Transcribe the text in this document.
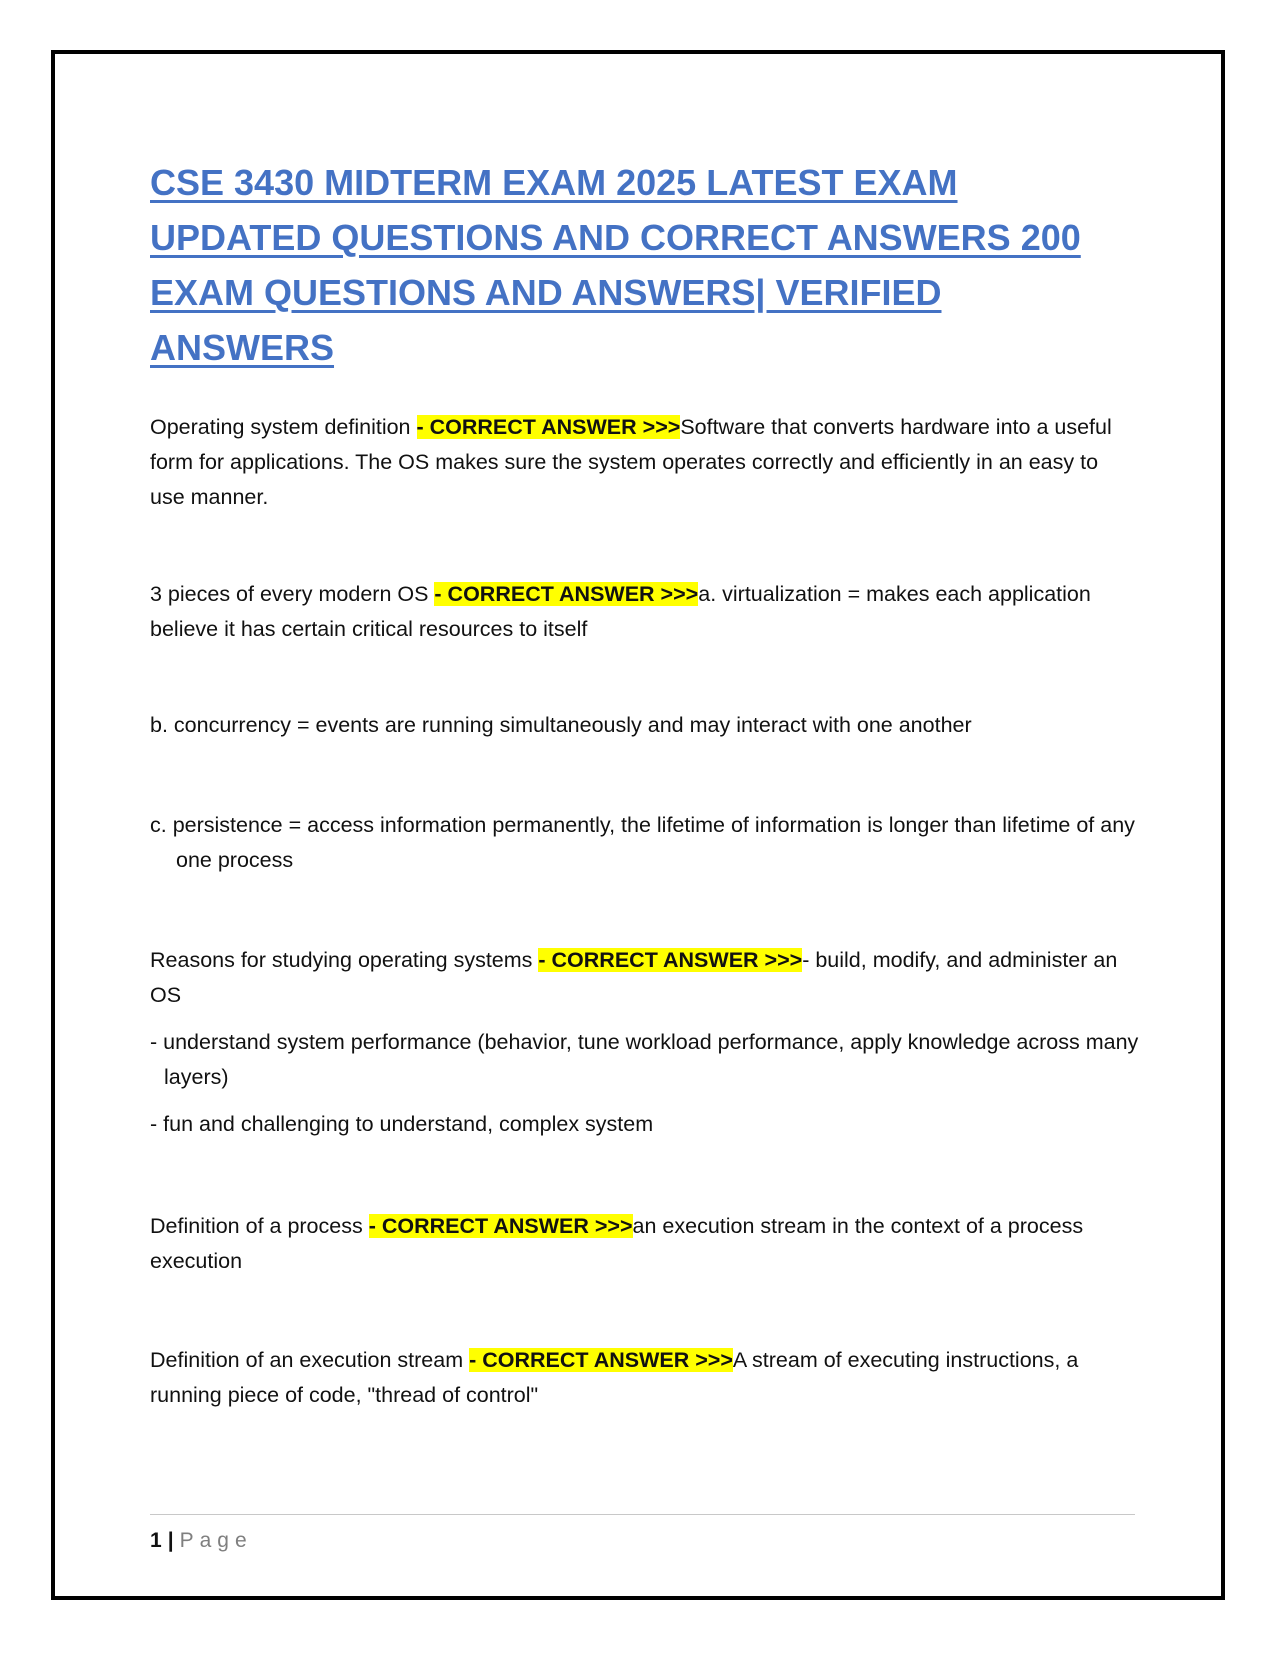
CSE 3430 MIDTERM EXAM 2025 LATEST EXAM UPDATED QUESTIONS AND CORRECT ANSWERS 200 EXAM QUESTIONS AND ANSWERS| VERIFIED ANSWERS
Operating system definition - CORRECT ANSWER >>>Software that converts hardware into a useful form for applications. The OS makes sure the system operates correctly and efficiently in an easy to use manner.
3 pieces of every modern OS - CORRECT ANSWER >>>a. virtualization = makes each application believe it has certain critical resources to itself
b. concurrency = events are running simultaneously and may interact with one another
c. persistence = access information permanently, the lifetime of information is longer than lifetime of any one process
Reasons for studying operating systems - CORRECT ANSWER >>>- build, modify, and administer an OS
- understand system performance (behavior, tune workload performance, apply knowledge across many layers)
- fun and challenging to understand, complex system
Definition of a process - CORRECT ANSWER >>>an execution stream in the context of a process execution
Definition of an execution stream - CORRECT ANSWER >>>A stream of executing instructions, a running piece of code, "thread of control"
1 | Page
